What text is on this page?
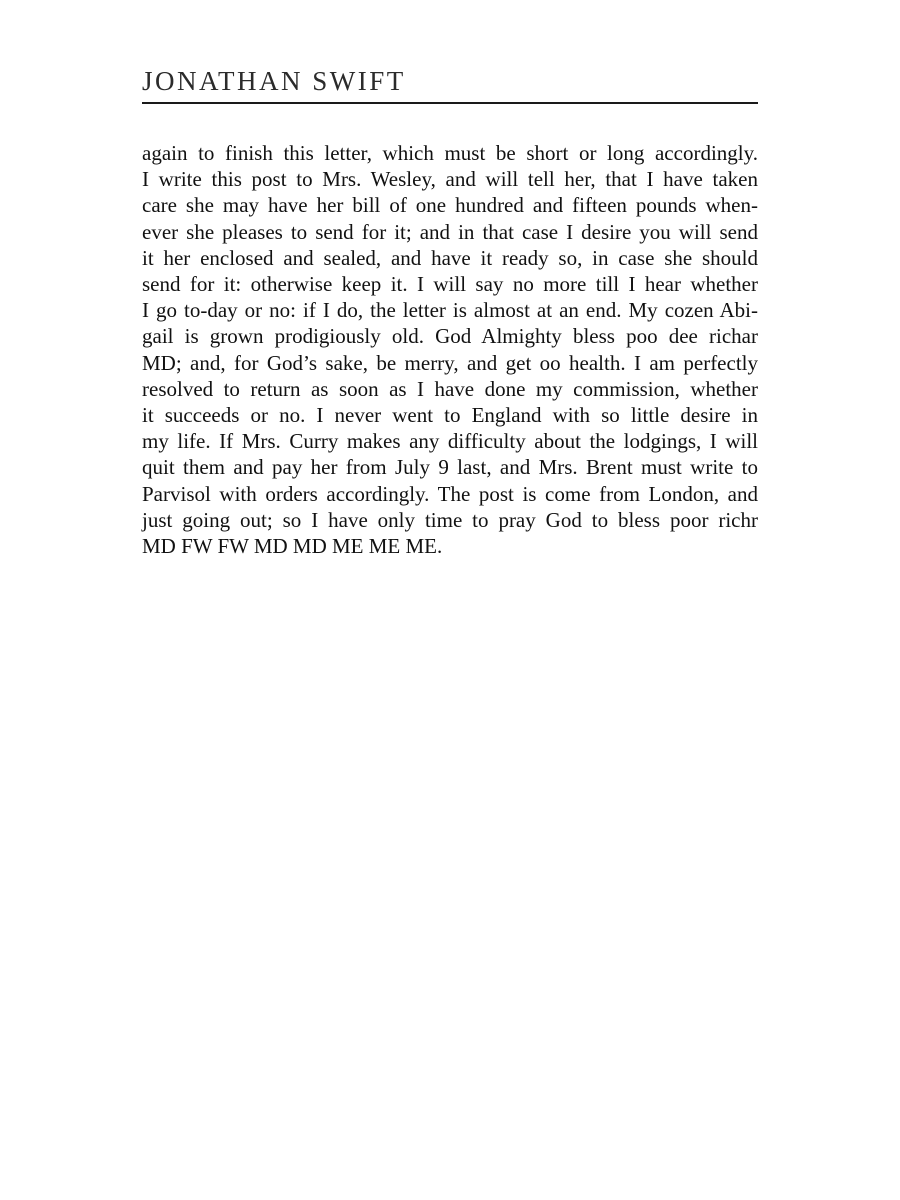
JONATHAN SWIFT
again to finish this letter, which must be short or long accordingly.
I write this post to Mrs. Wesley, and will tell her, that I have taken
care she may have her bill of one hundred and fifteen pounds when-
ever she pleases to send for it; and in that case I desire you will send
it her enclosed and sealed, and have it ready so, in case she should
send for it: otherwise keep it. I will say no more till I hear whether
I go to-day or no: if I do, the letter is almost at an end. My cozen Abi-
gail is grown prodigiously old. God Almighty bless poo dee richar
MD; and, for God’s sake, be merry, and get oo health. I am perfectly
resolved to return as soon as I have done my commission, whether
it succeeds or no. I never went to England with so little desire in
my life. If Mrs. Curry makes any difficulty about the lodgings, I will
quit them and pay her from July 9 last, and Mrs. Brent must write to
Parvisol with orders accordingly. The post is come from London, and
just going out; so I have only time to pray God to bless poor richr
MD FW FW MD MD ME ME ME.
